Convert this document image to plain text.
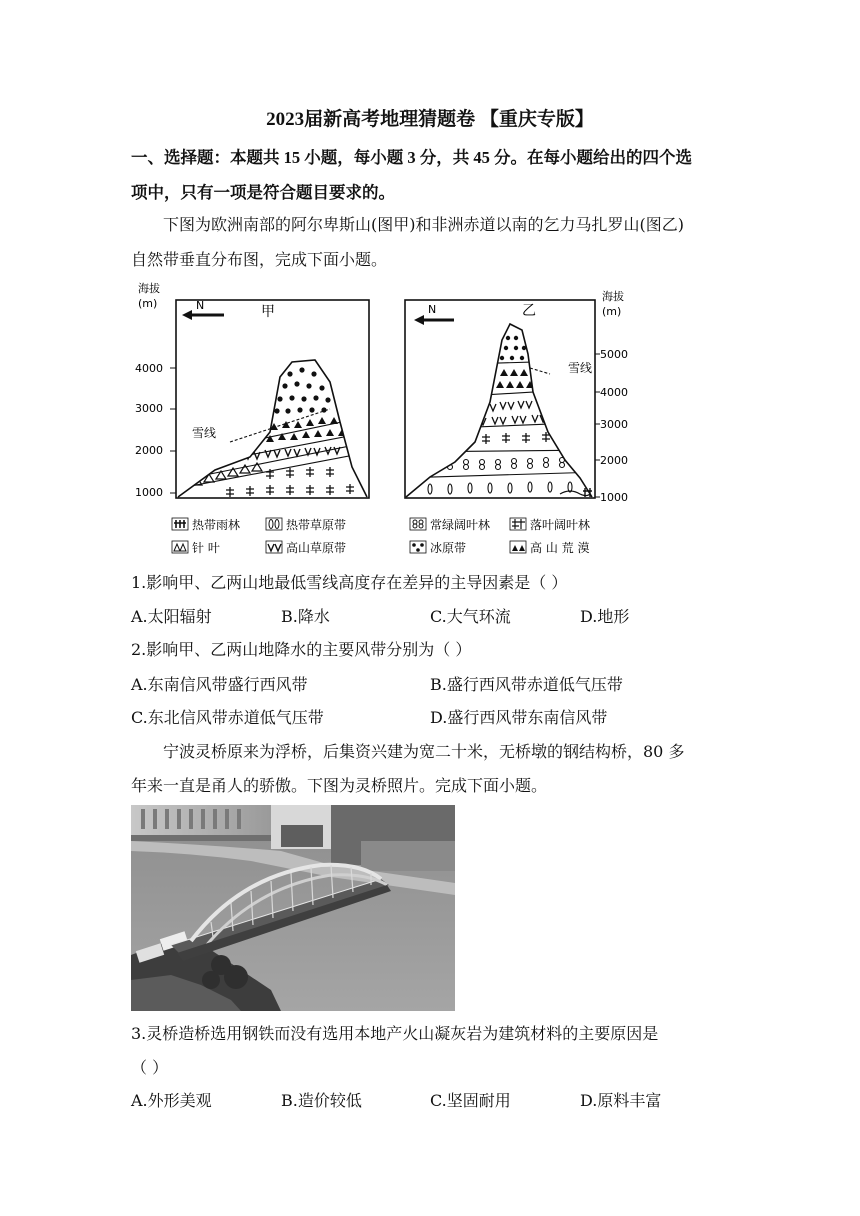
2023届新高考地理猜题卷 【重庆专版】
一、选择题：本题共 15 小题，每小题 3 分，共 45 分。在每小题给出的四个选
项中，只有一项是符合题目要求的。
下图为欧洲南部的阿尔卑斯山(图甲)和非洲赤道以南的乞力马扎罗山(图乙)
自然带垂直分布图，完成下面小题。
海拔
(m)
4000
3000
2000
1000
N	甲
雪线
海拔
(m)
5000
4000
3000
2000
1000
N	乙
雪线
热带雨林	热带草原带	常绿阔叶林	落叶阔叶林
针 叶	高山草原带	冰原带	高 山 荒 漠
1.影响甲、乙两山地最低雪线高度存在差异的主导因素是（ ）
A.太阳辐射	B.降水	C.大气环流	D.地形
2.影响甲、乙两山地降水的主要风带分别为（ ）
A.东南信风带盛行西风带	B.盛行西风带赤道低气压带
C.东北信风带赤道低气压带	D.盛行西风带东南信风带
宁波灵桥原来为浮桥，后集资兴建为宽二十米，无桥墩的钢结构桥，80 多
年来一直是甬人的骄傲。下图为灵桥照片。完成下面小题。
3.灵桥造桥选用钢铁而没有选用本地产火山凝灰岩为建筑材料的主要原因是
（ ）
A.外形美观	B.造价较低	C.坚固耐用	D.原料丰富
